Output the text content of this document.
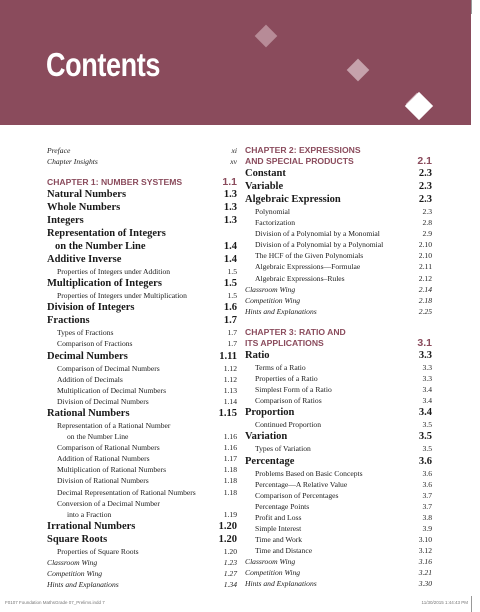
Contents
Preface	xi
Chapter Insights	xv
CHAPTER 1: NUMBER SYSTEMS	1.1
Natural Numbers	1.3
Whole Numbers	1.3
Integers	1.3
Representation of Integers
on the Number Line	1.4
Additive Inverse	1.4
Properties of Integers under Addition	1.5
Multiplication of Integers	1.5
Properties of Integers under Multiplication	1.5
Division of Integers	1.6
Fractions	1.7
Types of Fractions	1.7
Comparison of Fractions	1.7
Decimal Numbers	1.11
Comparison of Decimal Numbers	1.12
Addition of Decimals	1.12
Multiplication of Decimal Numbers	1.13
Division of Decimal Numbers	1.14
Rational Numbers	1.15
Representation of a Rational Number
on the Number Line	1.16
Comparison of Rational Numbers	1.16
Addition of Rational Numbers	1.17
Multiplication of Rational Numbers	1.18
Division of Rational Numbers	1.18
Decimal Representation of Rational Numbers	1.18
Conversion of a Decimal Number
into a Fraction	1.19
Irrational Numbers	1.20
Square Roots	1.20
Properties of Square Roots	1.20
Classroom Wing	1.23
Competition Wing	1.27
Hints and Explanations	1.34
CHAPTER 2: EXPRESSIONS
AND SPECIAL PRODUCTS	2.1
Constant	2.3
Variable	2.3
Algebraic Expression	2.3
Polynomial	2.3
Factorization	2.8
Division of a Polynomial by a Monomial	2.9
Division of a Polynomial by a Polynomial	2.10
The HCF of the Given Polynomials	2.10
Algebraic Expressions—Formulae	2.11
Algebraic Expressions–Rules	2.12
Classroom Wing	2.14
Competition Wing	2.18
Hints and Explanations	2.25
CHAPTER 3: RATIO AND
ITS APPLICATIONS	3.1
Ratio	3.3
Terms of a Ratio	3.3
Properties of a Ratio	3.3
Simplest Form of a Ratio	3.4
Comparison of Ratios	3.4
Proportion	3.4
Continued Proportion	3.5
Variation	3.5
Types of Variation	3.5
Percentage	3.6
Problems Based on Basic Concepts	3.6
Percentage—A Relative Value	3.6
Comparison of Percentages	3.7
Percentage Points	3.7
Profit and Loss	3.8
Simple Interest	3.9
Time and Work	3.10
Time and Distance	3.12
Classroom Wing	3.16
Competition Wing	3.21
Hints and Explanations	3.30
F0107 Foundation MathsGrade 07_Prelims.indd 7	11/30/2015 1:44:43 PM
